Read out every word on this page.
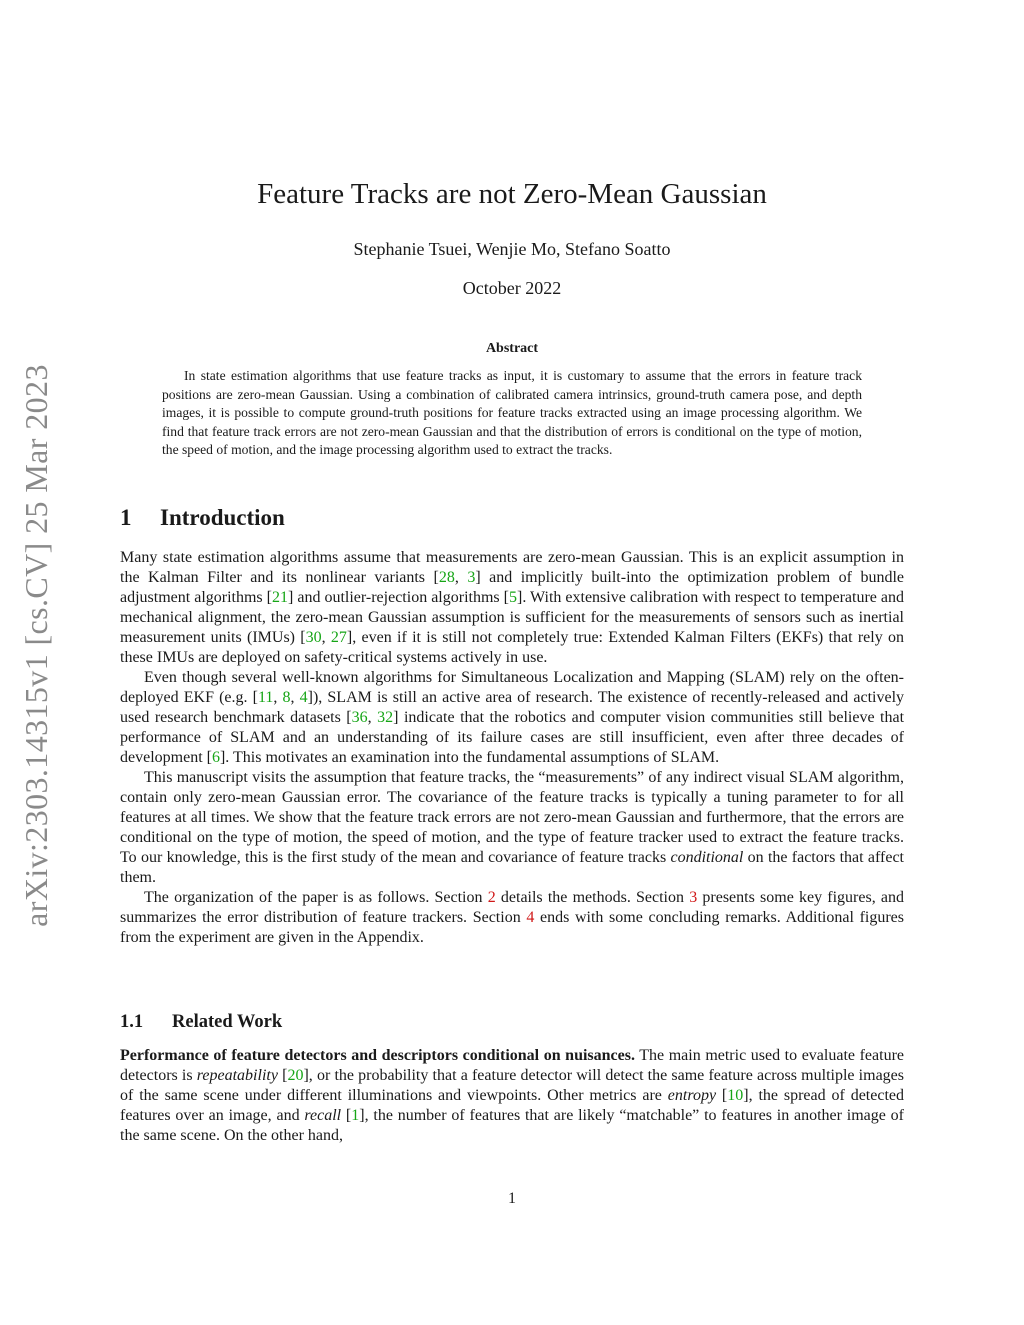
arXiv:2303.14315v1 [cs.CV] 25 Mar 2023
Feature Tracks are not Zero-Mean Gaussian
Stephanie Tsuei, Wenjie Mo, Stefano Soatto
October 2022
Abstract
In state estimation algorithms that use feature tracks as input, it is customary to assume that the errors in feature track positions are zero-mean Gaussian. Using a combination of calibrated camera intrinsics, ground-truth camera pose, and depth images, it is possible to compute ground-truth positions for feature tracks extracted using an image processing algorithm. We find that feature track errors are not zero-mean Gaussian and that the distribution of errors is conditional on the type of motion, the speed of motion, and the image processing algorithm used to extract the tracks.
1 Introduction

Many state estimation algorithms assume that measurements are zero-mean Gaussian. This is an explicit assumption in the Kalman Filter and its nonlinear variants [28, 3] and implicitly built-into the optimization problem of bundle adjustment algorithms [21] and outlier-rejection algorithms [5]. With extensive calibration with respect to temperature and mechanical alignment, the zero-mean Gaussian assumption is sufficient for the measurements of sensors such as inertial measurement units (IMUs) [30, 27], even if it is still not completely true: Extended Kalman Filters (EKFs) that rely on these IMUs are deployed on safety-critical systems actively in use.

Even though several well-known algorithms for Simultaneous Localization and Mapping (SLAM) rely on the often-deployed EKF (e.g. [11, 8, 4]), SLAM is still an active area of research. The existence of recently-released and actively used research benchmark datasets [36, 32] indicate that the robotics and computer vision communities still believe that performance of SLAM and an understanding of its failure cases are still insufficient, even after three decades of development [6]. This motivates an examination into the fundamental assumptions of SLAM.

This manuscript visits the assumption that feature tracks, the “measurements” of any indirect visual SLAM algorithm, contain only zero-mean Gaussian error. The covariance of the feature tracks is typically a tuning parameter to for all features at all times. We show that the feature track errors are not zero-mean Gaussian and furthermore, that the errors are conditional on the type of motion, the speed of motion, and the type of feature tracker used to extract the feature tracks. To our knowledge, this is the first study of the mean and covariance of feature tracks conditional on the factors that affect them.

The organization of the paper is as follows. Section 2 details the methods. Section 3 presents some key figures, and summarizes the error distribution of feature trackers. Section 4 ends with some concluding remarks. Additional figures from the experiment are given in the Appendix.

1.1 Related Work

Performance of feature detectors and descriptors conditional on nuisances. The main metric used to evaluate feature detectors is repeatability [20], or the probability that a feature detector will detect the same feature across multiple images of the same scene under different illuminations and viewpoints. Other metrics are entropy [10], the spread of detected features over an image, and recall [1], the number of features that are likely “matchable” to features in another image of the same scene. On the other hand,

1
